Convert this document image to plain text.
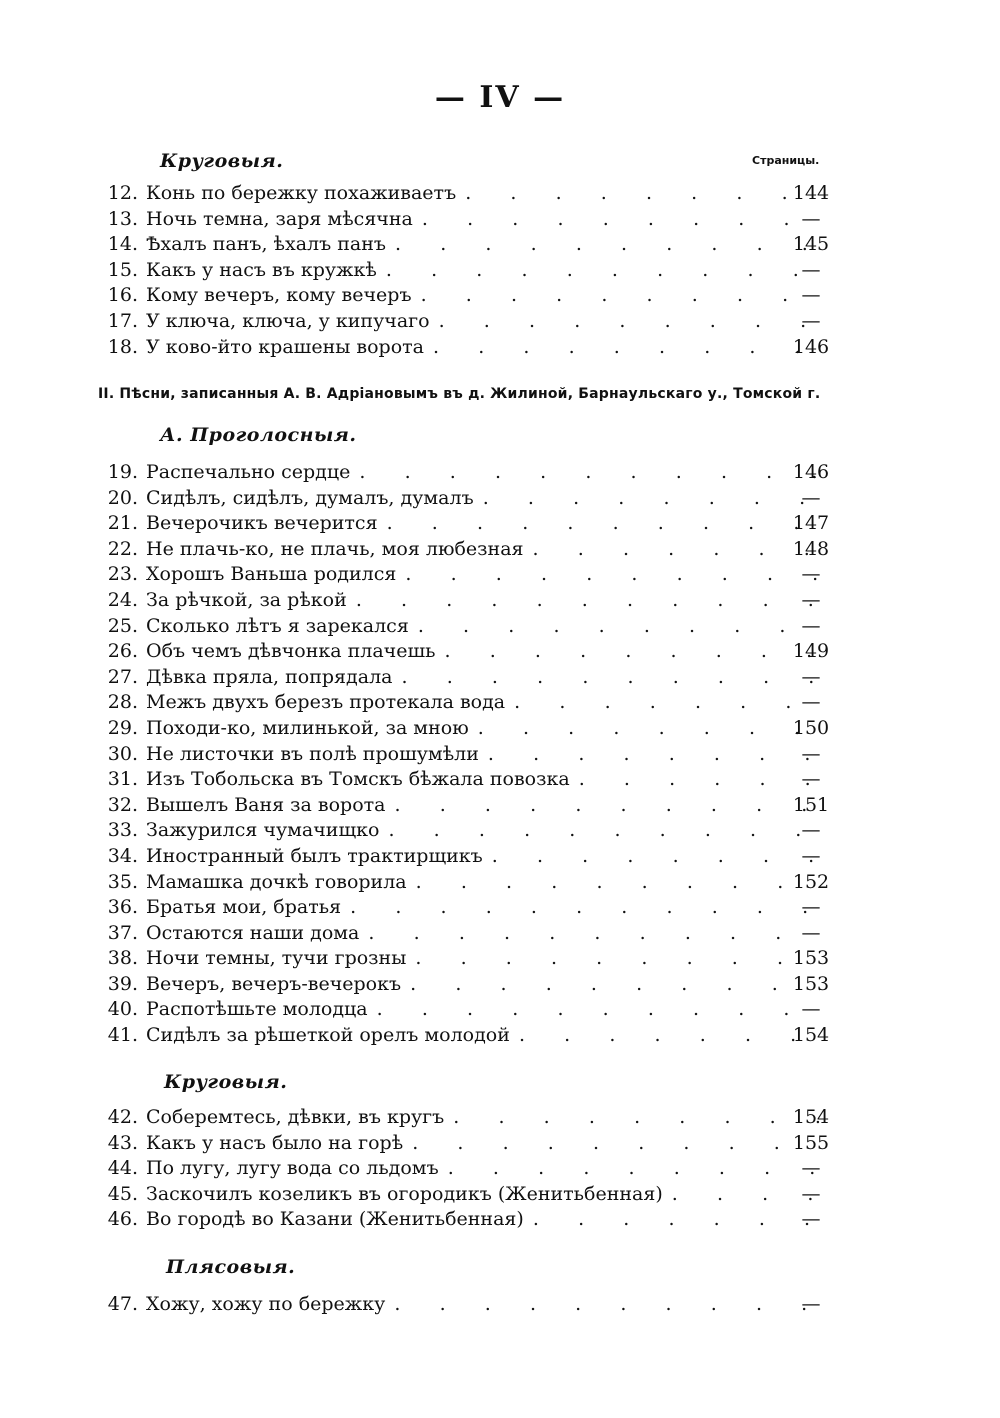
— IV —
Страницы.
Круговыя.
12. Конь по бережку похаживаетъ .	144
13. Ночь темна, заря мѣсячна .	—
14. Ѣхалъ панъ, ѣхалъ панъ .	145
15. Какъ у насъ въ кружкѣ .	—
16. Кому вечеръ, кому вечеръ .	—
17. У ключа, ключа, у кипучаго .	—
18. У ково-йто крашены ворота .	146
II. Пѣсни, записанныя А. В. Адріановымъ въ д. Жилиной, Барнаульскаго у., Томской г.
А. Проголосныя.
19. Распечально сердце .	146
20. Сидѣлъ, сидѣлъ, думалъ, думалъ .	—
21. Вечерочикъ вечерится .	147
22. Не плачь-ко, не плачь, моя любезная .	148
23. Хорошъ Ваньша родился .	—
24. За рѣчкой, за рѣкой .	—
25. Сколько лѣтъ я зарекался .	—
26. Объ чемъ дѣвчонка плачешь .	149
27. Дѣвка пряла, попрядала .	—
28. Межъ двухъ березъ протекала вода .	—
29. Походи-ко, милинькой, за мною .	150
30. Не листочки въ полѣ прошумѣли .	—
31. Изъ Тобольска въ Томскъ бѣжала повозка .	—
32. Вышелъ Ваня за ворота .	151
33. Зажурился чумачищко .	—
34. Иностранный былъ трактирщикъ .	—
35. Мамашка дочкѣ говорила .	152
36. Братья мои, братья .	—
37. Остаются наши дома .	—
38. Ночи темны, тучи грозны .	153
39. Вечеръ, вечеръ-вечерокъ .	153
40. Распотѣшьте молодца .	—
41. Сидѣлъ за рѣшеткой орелъ молодой .	154
Круговыя.
42. Соберемтесь, дѣвки, въ кругъ .	154
43. Какъ у насъ было на горѣ .	155
44. По лугу, лугу вода со льдомъ .	—
45. Заскочилъ козеликъ въ огородикъ (Женитьбенная) .	—
46. Во городѣ во Казани (Женитьбенная) .	—
Плясовыя.
47. Хожу, хожу по бережку .	—
